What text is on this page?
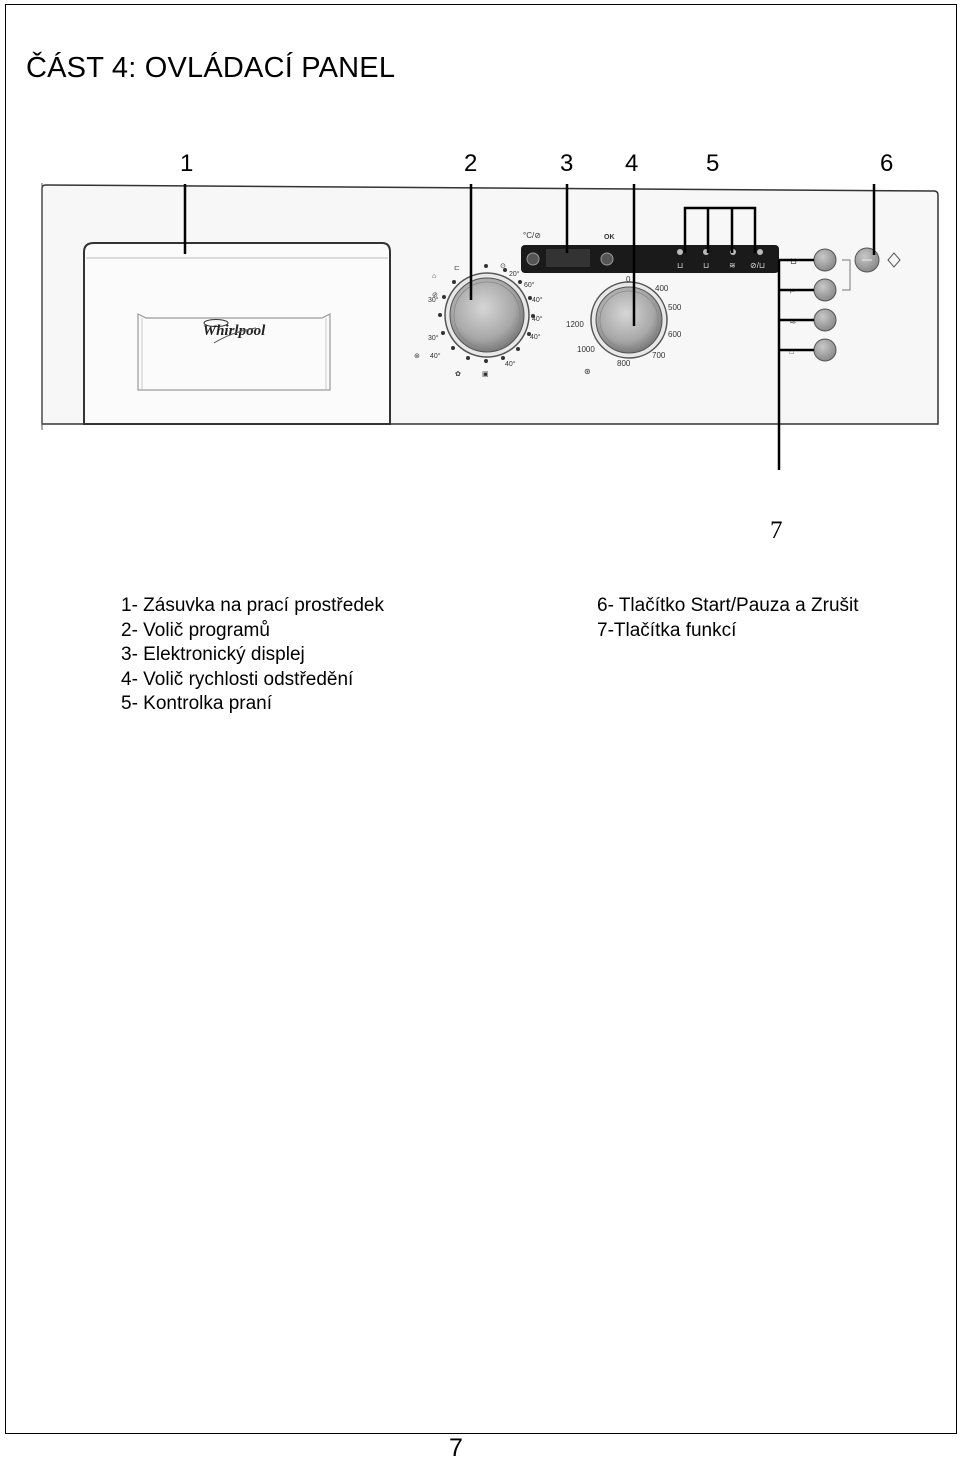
ČÁST 4: OVLÁDACÍ PANEL
1	2	3 4	5	6
7
Whirlpool
20°
60°
40°
40°
40°
40°
30°
30°
40°
⊛
✿	▣
⊘
⌂
⊏	⊙	⊔ ⊔ ≋ ⊘/⊔
°C/⊘	OK
0
400
500
600
700
800
1000
1200
⊛
⊔
⌐
≋
⌂
1- Zásuvka na prací prostředek
2- Volič programů
3- Elektronický displej
4- Volič rychlosti odstředění
5- Kontrolka praní
6- Tlačítko Start/Pauza a Zrušit
7-Tlačítka funkcí
7
